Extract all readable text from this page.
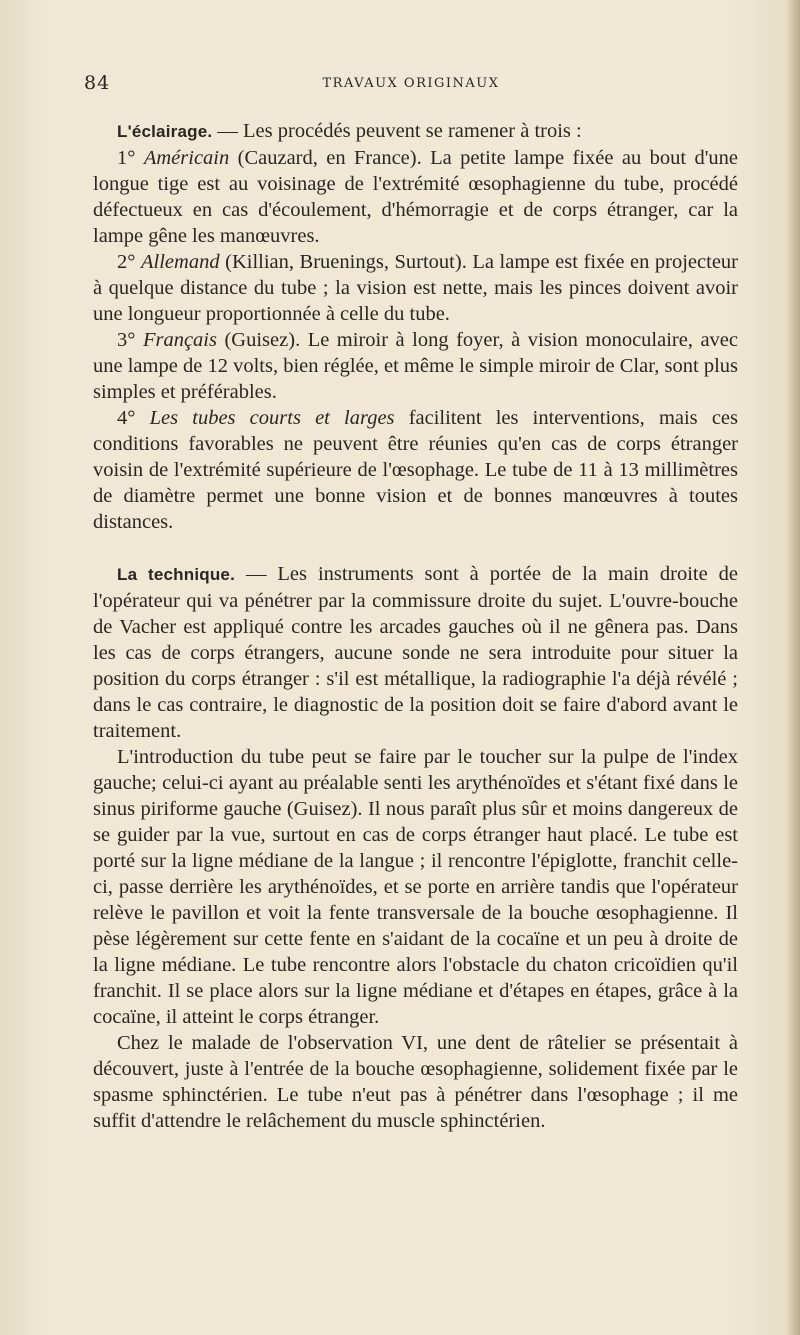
84	TRAVAUX ORIGINAUX

L'éclairage. — Les procédés peuvent se ramener à trois :

1° Américain (Cauzard, en France). La petite lampe fixée au bout d'une longue tige est au voisinage de l'extrémité œsophagienne du tube, procédé défectueux en cas d'écoulement, d'hémorragie et de corps étranger, car la lampe gêne les manœuvres.

2° Allemand (Killian, Bruenings, Surtout). La lampe est fixée en projecteur à quelque distance du tube ; la vision est nette, mais les pinces doivent avoir une longueur proportionnée à celle du tube.

3° Français (Guisez). Le miroir à long foyer, à vision monoculaire, avec une lampe de 12 volts, bien réglée, et même le simple miroir de Clar, sont plus simples et préférables.

4° Les tubes courts et larges facilitent les interventions, mais ces conditions favorables ne peuvent être réunies qu'en cas de corps étranger voisin de l'extrémité supérieure de l'œsophage. Le tube de 11 à 13 millimètres de diamètre permet une bonne vision et de bonnes manœuvres à toutes distances.

La technique. — Les instruments sont à portée de la main droite de l'opérateur qui va pénétrer par la commissure droite du sujet. L'ouvre-bouche de Vacher est appliqué contre les arcades gauches où il ne gênera pas. Dans les cas de corps étrangers, aucune sonde ne sera introduite pour situer la position du corps étranger : s'il est métallique, la radiographie l'a déjà révélé ; dans le cas contraire, le diagnostic de la position doit se faire d'abord avant le traitement.

L'introduction du tube peut se faire par le toucher sur la pulpe de l'index gauche; celui-ci ayant au préalable senti les arythénoïdes et s'étant fixé dans le sinus piriforme gauche (Guisez). Il nous paraît plus sûr et moins dangereux de se guider par la vue, surtout en cas de corps étranger haut placé. Le tube est porté sur la ligne médiane de la langue ; il rencontre l'épiglotte, franchit celle-ci, passe derrière les arythénoïdes, et se porte en arrière tandis que l'opérateur relève le pavillon et voit la fente transversale de la bouche œsophagienne. Il pèse légèrement sur cette fente en s'aidant de la cocaïne et un peu à droite de la ligne médiane. Le tube rencontre alors l'obstacle du chaton cricoïdien qu'il franchit. Il se place alors sur la ligne médiane et d'étapes en étapes, grâce à la cocaïne, il atteint le corps étranger.

Chez le malade de l'observation VI, une dent de râtelier se présentait à découvert, juste à l'entrée de la bouche œsophagienne, solidement fixée par le spasme sphinctérien. Le tube n'eut pas à pénétrer dans l'œsophage ; il me suffit d'attendre le relâchement du muscle sphinctérien.
